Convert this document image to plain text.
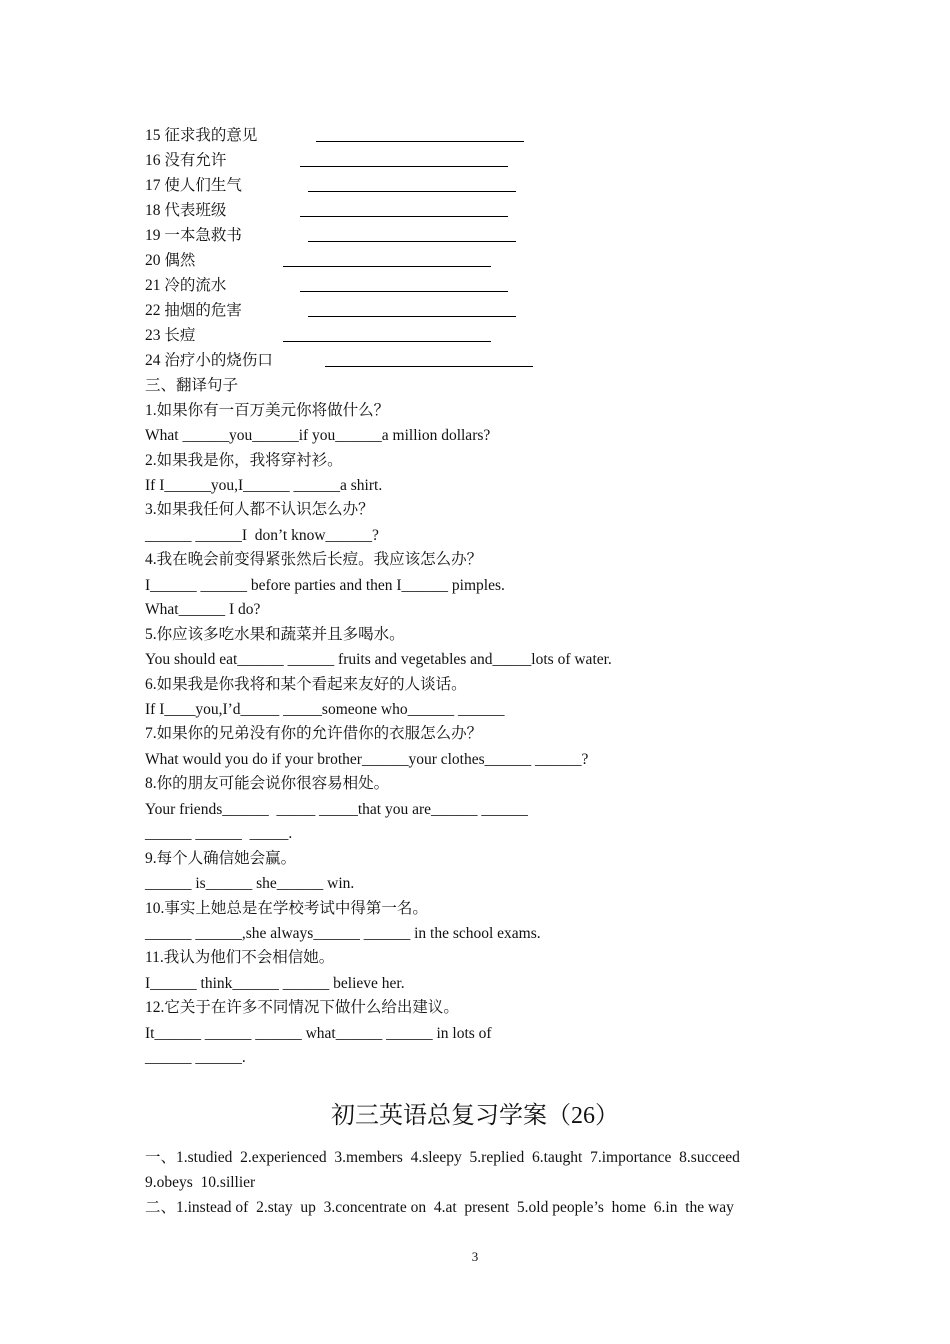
15 征求我的意见
16 没有允许
17 使人们生气
18 代表班级
19 一本急救书
20 偶然
21 冷的流水
22 抽烟的危害
23 长痘
24 治疗小的烧伤口

三、翻译句子

1.如果你有一百万美元你将做什么？

What ______you______if you______a million dollars?

2.如果我是你，我将穿衬衫。

If I______you,I______ ______a shirt.

3.如果我任何人都不认识怎么办？

______ ______I  don’t know______?

4.我在晚会前变得紧张然后长痘。我应该怎么办？

I______ ______ before parties and then I______ pimples.

What______ I do?

5.你应该多吃水果和蔬菜并且多喝水。

You should eat______ ______ fruits and vegetables and_____lots of water.

6.如果我是你我将和某个看起来友好的人谈话。

If I____you,I’d_____ _____someone who______ ______

7.如果你的兄弟没有你的允许借你的衣服怎么办？

What would you do if your brother______your clothes______ ______?

8.你的朋友可能会说你很容易相处。

Your friends______  _____ _____that you are______ ______

______ ______  _____.

9.每个人确信她会赢。

______ is______ she______ win.

10.事实上她总是在学校考试中得第一名。

______ ______,she always______ ______ in the school exams.

11.我认为他们不会相信她。

I______ think______ ______ believe her.

12.它关于在许多不同情况下做什么给出建议。

It______ ______ ______ what______ ______ in lots of

______ ______.

初三英语总复习学案（26）

一、1.studied  2.experienced  3.members  4.sleepy  5.replied  6.taught  7.importance  8.succeed

9.obeys  10.sillier

二、1.instead of  2.stay  up  3.concentrate on  4.at  present  5.old people’s  home  6.in  the way

3
